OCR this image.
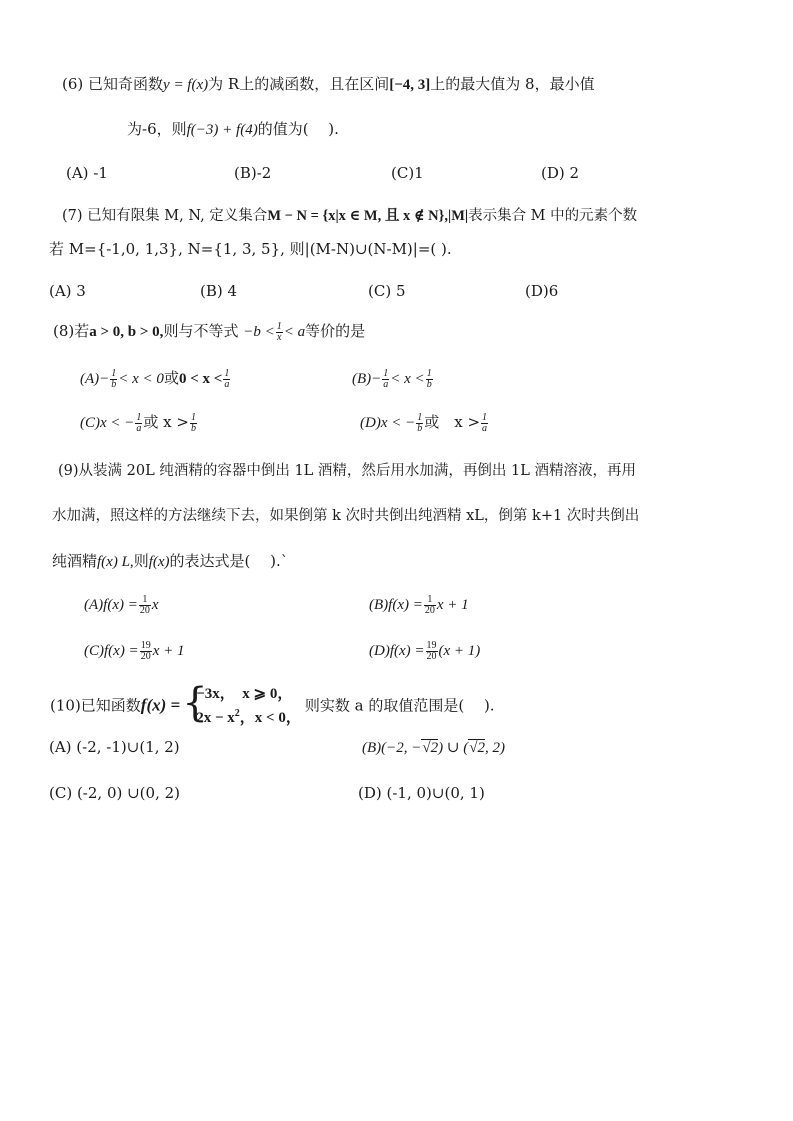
(6) 已知奇函数y = f(x)为 R上的减函数，且在区间[−4, 3]上的最大值为 8，最小值
为-6，则f(−3) + f(4)的值为(　 ).
(A) -1	(B)-2	(C)1	(D) 2
(7) 已知有限集 M, N, 定义集合M − N = {x|x ∈ M, 且 x ∉ N},|M|表示集合 M 中的元素个数
若 M={-1,0, 1,3}, N={1, 3, 5}, 则|(M-N)∪(N-M)|=( ).
(A) 3	(B) 4	(C) 5	(D)6
(8)若a > 0, b > 0,则与不等式 $-b < \frac{1}{x} < a$等价的是
$(A)- \frac{1}{b} < x < 0$或$0 < x < \frac{1}{a}$	$(B)- \frac{1}{a} < x < \frac{1}{b}$
(C)x < − $\frac{1}{a}$ 或 $x > \frac{1}{b}$	(D)x < − $\frac{1}{b}$ 或　$x > \frac{1}{a}$
(9)从装满 20L 纯酒精的容器中倒出 1L 酒精，然后用水加满，再倒出 1L 酒精溶液，再用
水加满，照这样的方法继续下去，如果倒第 k 次时共倒出纯酒精 xL，倒第 k+1 次时共倒出
纯酒精f(x) L,则f(x)的表达式是(　 ).`
$(A)f(x) = \frac{1}{20}$ x	$(B)f(x) = \frac{1}{20}$ x + 1
$(C)f(x) = \frac{19}{20}$ x + 1	$(D)f(x) = \frac{19}{20} (x + 1)$
(10)已知函数f(x) = {
−3x，　x ⩾ 0，
$2x - x^2$，x < 0，
则实数 a 的取值范围是(　 ).
(A) (-2, -1)∪(1, 2)	(B)(−2, −√2) ∪ (√2, 2)
(C) (-2, 0) ∪(0, 2)	(D) (-1, 0)∪(0, 1)
